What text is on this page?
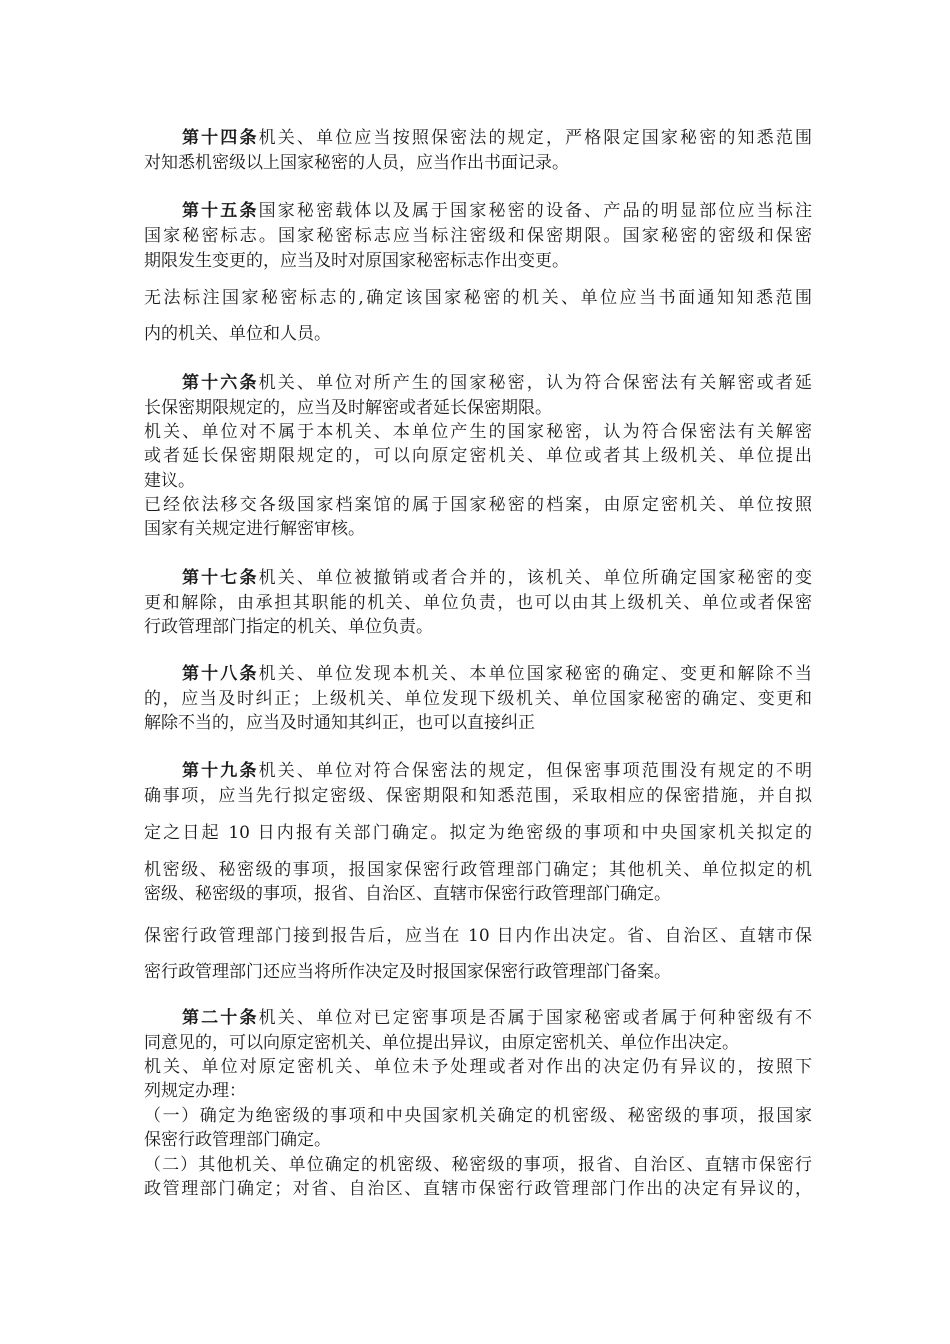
第十四条机关、单位应当按照保密法的规定，严格限定国家秘密的知悉范围
对知悉机密级以上国家秘密的人员，应当作出书面记录。
第十五条国家秘密载体以及属于国家秘密的设备、产品的明显部位应当标注
国家秘密标志。国家秘密标志应当标注密级和保密期限。国家秘密的密级和保密
期限发生变更的，应当及时对原国家秘密标志作出变更。
无法标注国家秘密标志的,确定该国家秘密的机关、单位应当书面通知知悉范围
内的机关、单位和人员。
第十六条机关、单位对所产生的国家秘密，认为符合保密法有关解密或者延
长保密期限规定的，应当及时解密或者延长保密期限。
机关、单位对不属于本机关、本单位产生的国家秘密，认为符合保密法有关解密
或者延长保密期限规定的，可以向原定密机关、单位或者其上级机关、单位提出
建议。
已经依法移交各级国家档案馆的属于国家秘密的档案，由原定密机关、单位按照
国家有关规定进行解密审核。
第十七条机关、单位被撤销或者合并的，该机关、单位所确定国家秘密的变
更和解除，由承担其职能的机关、单位负责，也可以由其上级机关、单位或者保密
行政管理部门指定的机关、单位负责。
第十八条机关、单位发现本机关、本单位国家秘密的确定、变更和解除不当
的，应当及时纠正；上级机关、单位发现下级机关、单位国家秘密的确定、变更和
解除不当的，应当及时通知其纠正，也可以直接纠正
第十九条机关、单位对符合保密法的规定，但保密事项范围没有规定的不明
确事项，应当先行拟定密级、保密期限和知悉范围，采取相应的保密措施，并自拟
定之日起 10 日内报有关部门确定。拟定为绝密级的事项和中央国家机关拟定的
机密级、秘密级的事项，报国家保密行政管理部门确定；其他机关、单位拟定的机
密级、秘密级的事项，报省、自治区、直辖市保密行政管理部门确定。
保密行政管理部门接到报告后，应当在 10 日内作出决定。省、自治区、直辖市保
密行政管理部门还应当将所作决定及时报国家保密行政管理部门备案。
第二十条机关、单位对已定密事项是否属于国家秘密或者属于何种密级有不
同意见的，可以向原定密机关、单位提出异议，由原定密机关、单位作出决定。
机关、单位对原定密机关、单位未予处理或者对作出的决定仍有异议的，按照下
列规定办理：
（一）确定为绝密级的事项和中央国家机关确定的机密级、秘密级的事项，报国家
保密行政管理部门确定。
（二）其他机关、单位确定的机密级、秘密级的事项，报省、自治区、直辖市保密行
政管理部门确定；对省、自治区、直辖市保密行政管理部门作出的决定有异议的，
